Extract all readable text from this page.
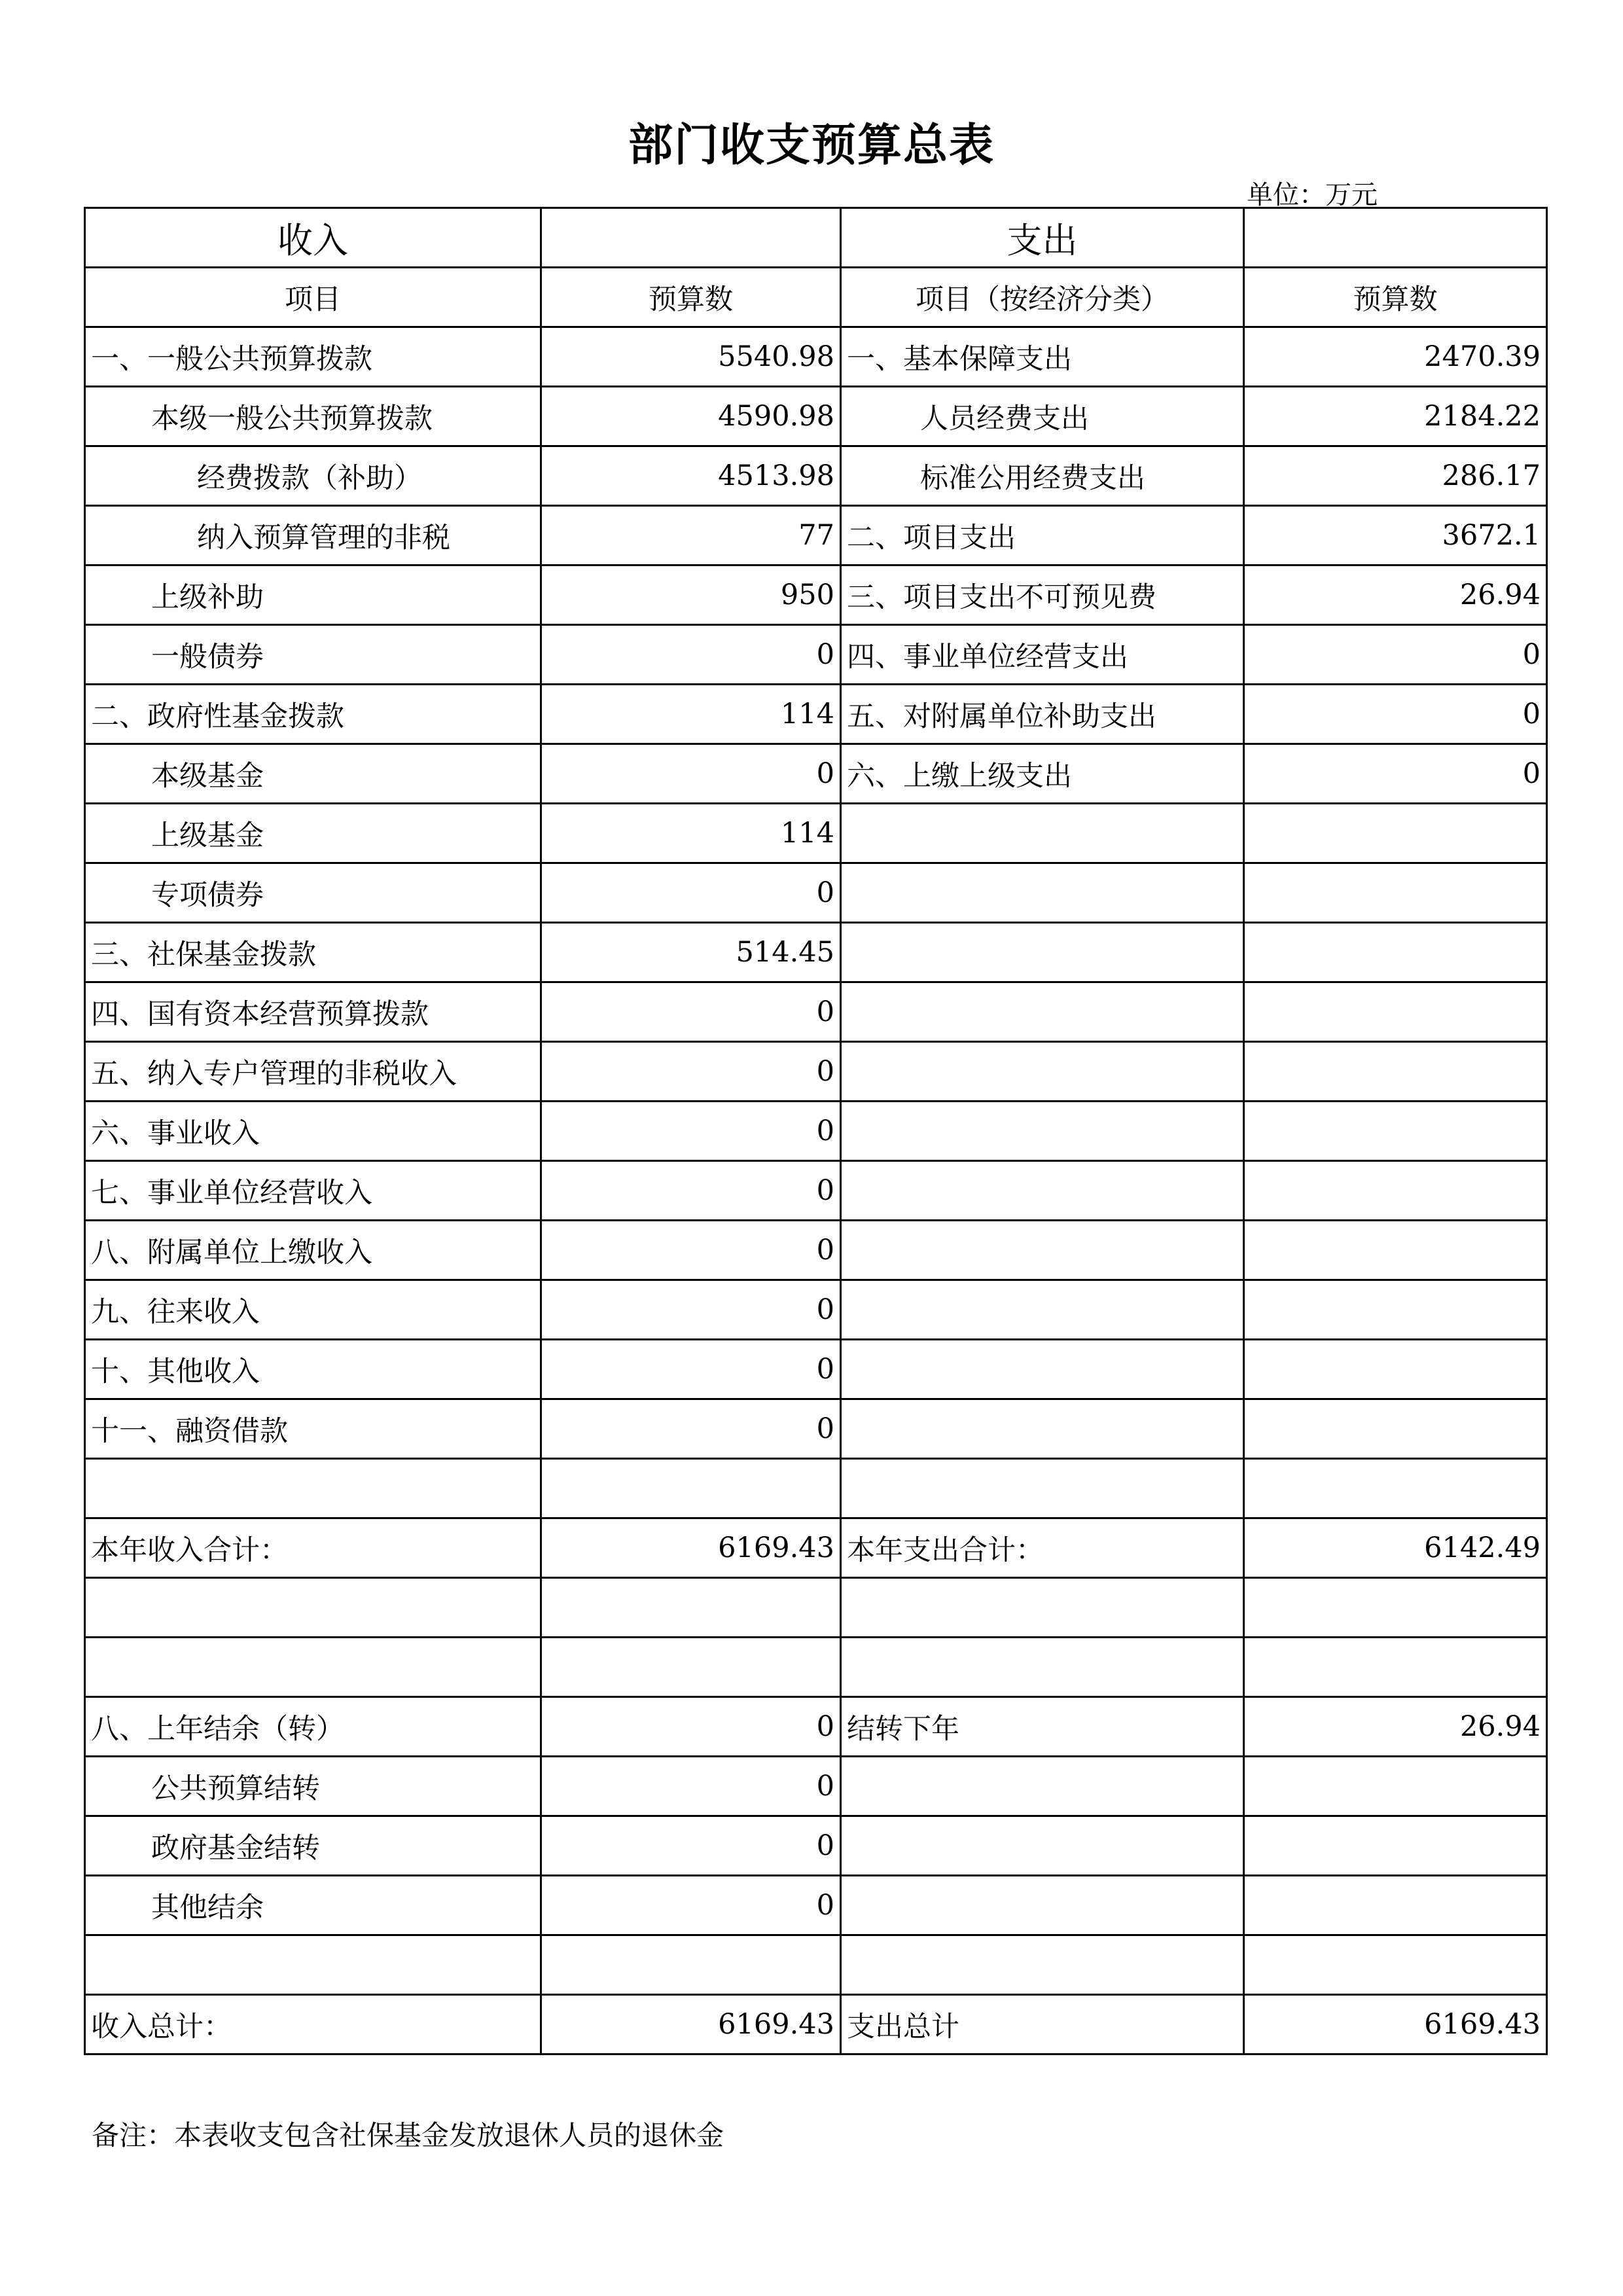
部门收支预算总表
单位：万元
收入		支出	
项目	预算数	项目（按经济分类）	预算数
一、一般公共预算拨款	5540.98	一、基本保障支出	2470.39
本级一般公共预算拨款	4590.98	人员经费支出	2184.22
经费拨款（补助）	4513.98	标准公用经费支出	286.17
纳入预算管理的非税	77	二、项目支出	3672.1
上级补助	950	三、项目支出不可预见费	26.94
一般债券	0	四、事业单位经营支出	0
二、政府性基金拨款	114	五、对附属单位补助支出	0
本级基金	0	六、上缴上级支出	0
上级基金	114		
专项债券	0		
三、社保基金拨款	514.45		
四、国有资本经营预算拨款	0		
五、纳入专户管理的非税收入	0		
六、事业收入	0		
七、事业单位经营收入	0		
八、附属单位上缴收入	0		
九、往来收入	0		
十、其他收入	0		
十一、融资借款	0		

本年收入合计：	6169.43	本年支出合计：	6142.49

八、上年结余（转）	0	结转下年	26.94
公共预算结转	0		
政府基金结转	0		
其他结余	0		

收入总计：	6169.43	支出总计	6169.43
备注：本表收支包含社保基金发放退休人员的退休金
